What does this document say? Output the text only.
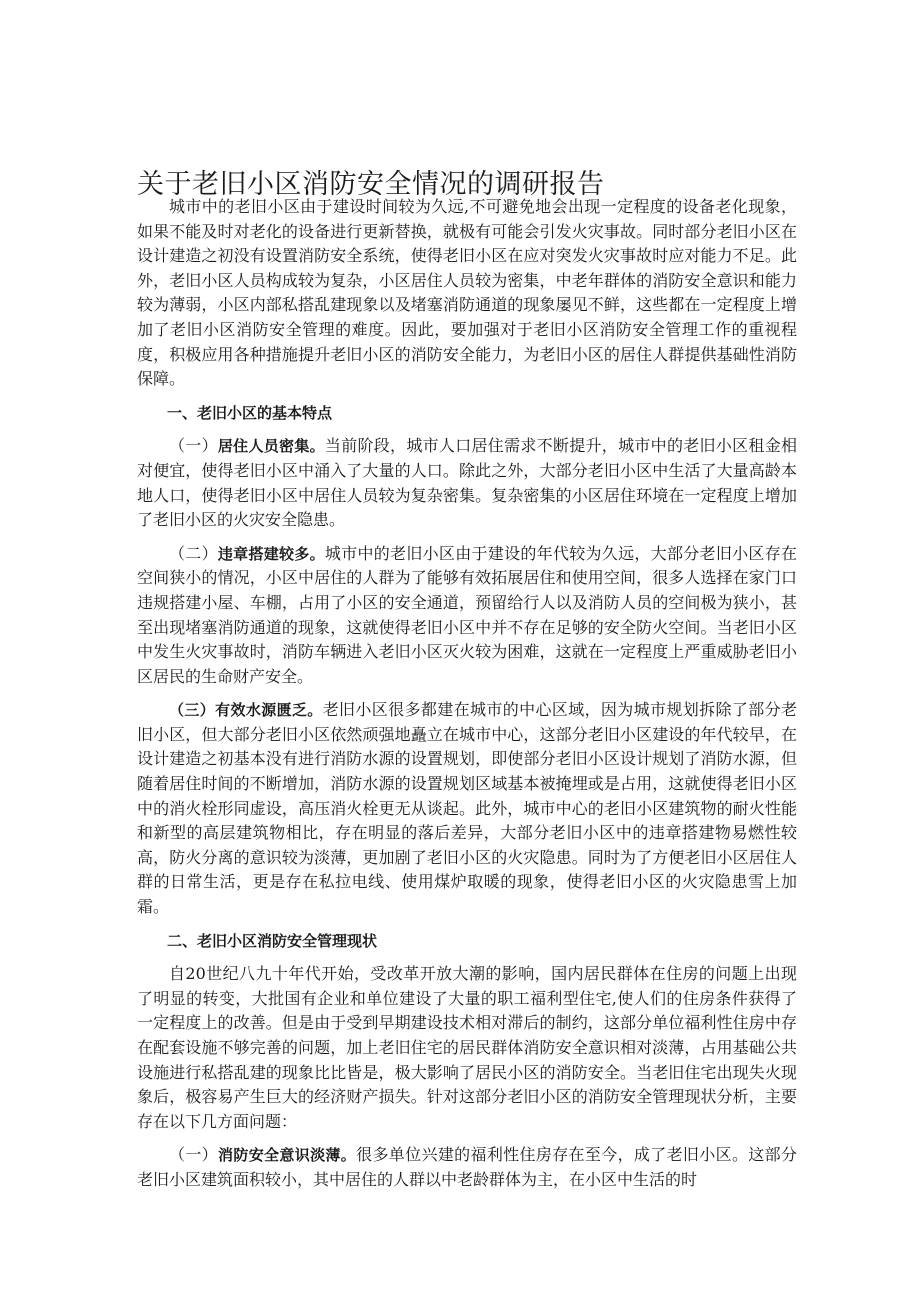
关于老旧小区消防安全情况的调研报告

城市中的老旧小区由于建设时间较为久远,不可避免地会出现一定程度的设备老化现象，如果不能及时对老化的设备进行更新替换，就极有可能会引发火灾事故。同时部分老旧小区在设计建造之初没有设置消防安全系统，使得老旧小区在应对突发火灾事故时应对能力不足。此外，老旧小区人员构成较为复杂，小区居住人员较为密集，中老年群体的消防安全意识和能力较为薄弱，小区内部私搭乱建现象以及堵塞消防通道的现象屡见不鲜，这些都在一定程度上增加了老旧小区消防安全管理的难度。因此，要加强对于老旧小区消防安全管理工作的重视程度，积极应用各种措施提升老旧小区的消防安全能力，为老旧小区的居住人群提供基础性消防保障。

一、老旧小区的基本特点

（一）居住人员密集。当前阶段，城市人口居住需求不断提升，城市中的老旧小区租金相对便宜，使得老旧小区中涌入了大量的人口。除此之外，大部分老旧小区中生活了大量高龄本地人口，使得老旧小区中居住人员较为复杂密集。复杂密集的小区居住环境在一定程度上增加了老旧小区的火灾安全隐患。

（二）违章搭建较多。城市中的老旧小区由于建设的年代较为久远，大部分老旧小区存在空间狭小的情况，小区中居住的人群为了能够有效拓展居住和使用空间，很多人选择在家门口违规搭建小屋、车棚，占用了小区的安全通道，预留给行人以及消防人员的空间极为狭小，甚至出现堵塞消防通道的现象，这就使得老旧小区中并不存在足够的安全防火空间。当老旧小区中发生火灾事故时，消防车辆进入老旧小区灭火较为困难，这就在一定程度上严重威胁老旧小区居民的生命财产安全。

（三）有效水源匮乏。老旧小区很多都建在城市的中心区域，因为城市规划拆除了部分老旧小区，但大部分老旧小区依然顽强地矗立在城市中心，这部分老旧小区建设的年代较早，在设计建造之初基本没有进行消防水源的设置规划，即使部分老旧小区设计规划了消防水源，但随着居住时间的不断增加，消防水源的设置规划区域基本被掩埋或是占用，这就使得老旧小区中的消火栓形同虚设，高压消火栓更无从谈起。此外，城市中心的老旧小区建筑物的耐火性能和新型的高层建筑物相比，存在明显的落后差异，大部分老旧小区中的违章搭建物易燃性较高，防火分离的意识较为淡薄，更加剧了老旧小区的火灾隐患。同时为了方便老旧小区居住人群的日常生活，更是存在私拉电线、使用煤炉取暖的现象，使得老旧小区的火灾隐患雪上加霜。

二、老旧小区消防安全管理现状

自20世纪八九十年代开始，受改革开放大潮的影响，国内居民群体在住房的问题上出现了明显的转变，大批国有企业和单位建设了大量的职工福利型住宅,使人们的住房条件获得了一定程度上的改善。但是由于受到早期建设技术相对滞后的制约，这部分单位福利性住房中存在配套设施不够完善的问题，加上老旧住宅的居民群体消防安全意识相对淡薄，占用基础公共设施进行私搭乱建的现象比比皆是，极大影响了居民小区的消防安全。当老旧住宅出现失火现象后，极容易产生巨大的经济财产损失。针对这部分老旧小区的消防安全管理现状分析，主要存在以下几方面问题：

（一）消防安全意识淡薄。很多单位兴建的福利性住房存在至今，成了老旧小区。这部分老旧小区建筑面积较小，其中居住的人群以中老龄群体为主，在小区中生活的时
